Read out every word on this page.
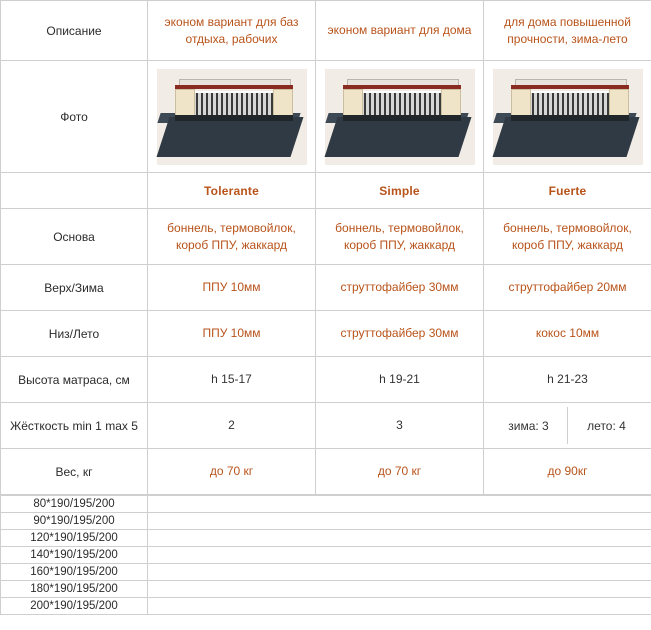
Описание	эконом вариант для баз отдыха, рабочих	эконом вариант для дома	для дома повышенной прочности, зима-лето
Фото	

	Tolerante	Simple	Fuerte
Основа	боннель, термовойлок, короб ППУ, жаккард	боннель, термовойлок, короб ППУ, жаккард	боннель, термовойлок, короб ППУ, жаккард
Верх/Зима	ППУ 10мм	струттофайбер 30мм	струттофайбер 20мм
Низ/Лето	ППУ 10мм	струттофайбер 30мм	кокос 10мм
Высота матраса, см	h 15-17	h 19-21	h 21-23
Жёсткость min 1 max 5	2	3	зима: 3 лето: 4

Вес, кг	до 70 кг	до 70 кг	до 90кг
80*190/195/200	
90*190/195/200	
120*190/195/200	
140*190/195/200	
160*190/195/200	
180*190/195/200	
200*190/195/200	
